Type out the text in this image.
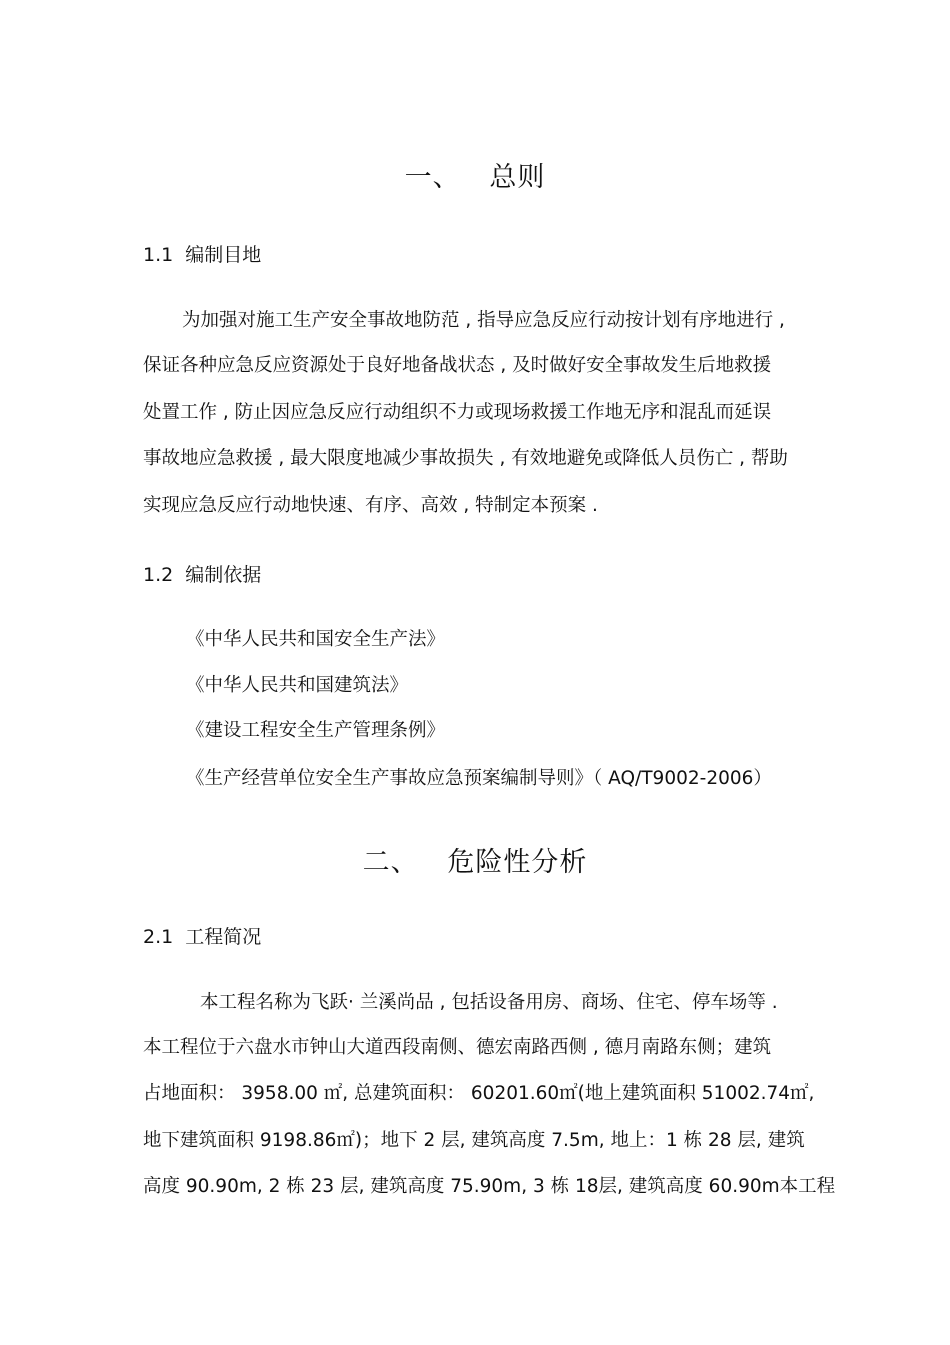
一、   总则
1.1  编制目地
为加强对施工生产安全事故地防范 , 指导应急反应行动按计划有序地进行 ,
保证各种应急反应资源处于良好地备战状态 , 及时做好安全事故发生后地救援
处置工作 , 防止因应急反应行动组织不力或现场救援工作地无序和混乱而延误
事故地应急救援 , 最大限度地减少事故损失 , 有效地避免或降低人员伤亡 , 帮助
实现应急反应行动地快速、有序、高效 , 特制定本预案 .
1.2  编制依据
《中华人民共和国安全生产法》
《中华人民共和国建筑法》
《建设工程安全生产管理条例》
《生产经营单位安全生产事故应急预案编制导则》（ AQ/T9002-2006）
二、   危险性分析
2.1  工程简况
本工程名称为飞跃· 兰溪尚品 , 包括设备用房、商场、住宅、停车场等 .
本工程位于六盘水市钟山大道西段南侧、德宏南路西侧 , 德月南路东侧；建筑
占地面积： 3958.00 ㎡, 总建筑面积： 60201.60㎡(地上建筑面积 51002.74㎡,
地下建筑面积 9198.86㎡)；地下 2 层, 建筑高度 7.5m, 地上：1 栋 28 层, 建筑
高度 90.90m, 2 栋 23 层, 建筑高度 75.90m, 3 栋 18层, 建筑高度 60.90m本工程
